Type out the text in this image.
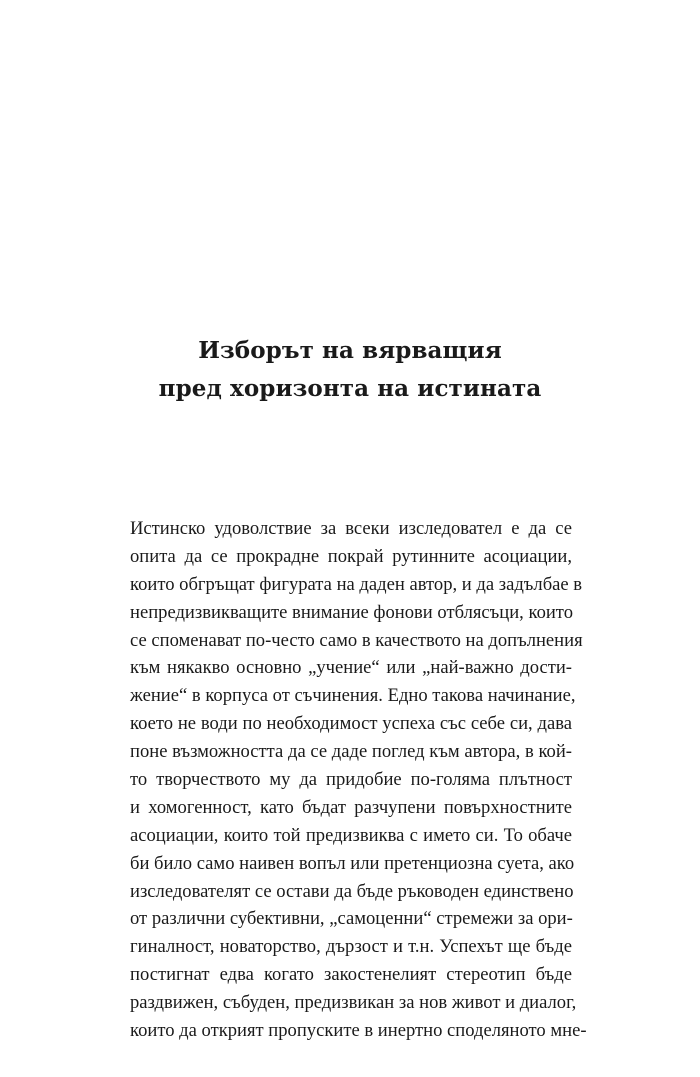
Изборът на вярващия
пред хоризонта на истината
Истинско удоволствие за всеки изследовател е да се
опита да се прокрадне покрай рутинните асоциации,
които обгръщат фигурата на даден автор, и да задълбае в
непредизвикващите внимание фонови отблясъци, които
се споменават по-често само в качеството на допълнения
към някакво основно „учение“ или „най-важно дости-
жение“ в корпуса от съчинения. Едно такова начинание,
което не води по необходимост успеха със себе си, дава
поне възможността да се даде поглед към автора, в кой-
то творчеството му да придобие по-голяма плътност
и хомогенност, като бъдат разчупени повърхностните
асоциации, които той предизвиква с името си. То обаче
би било само наивен вопъл или претенциозна суета, ако
изследователят се остави да бъде ръководен единствено
от различни субективни, „самоценни“ стремежи за ори-
гиналност, новаторство, дързост и т.н. Успехът ще бъде
постигнат едва когато закостенелият стереотип бъде
раздвижен, събуден, предизвикан за нов живот и диалог,
които да открият пропуските в инертно споделяното мне-
